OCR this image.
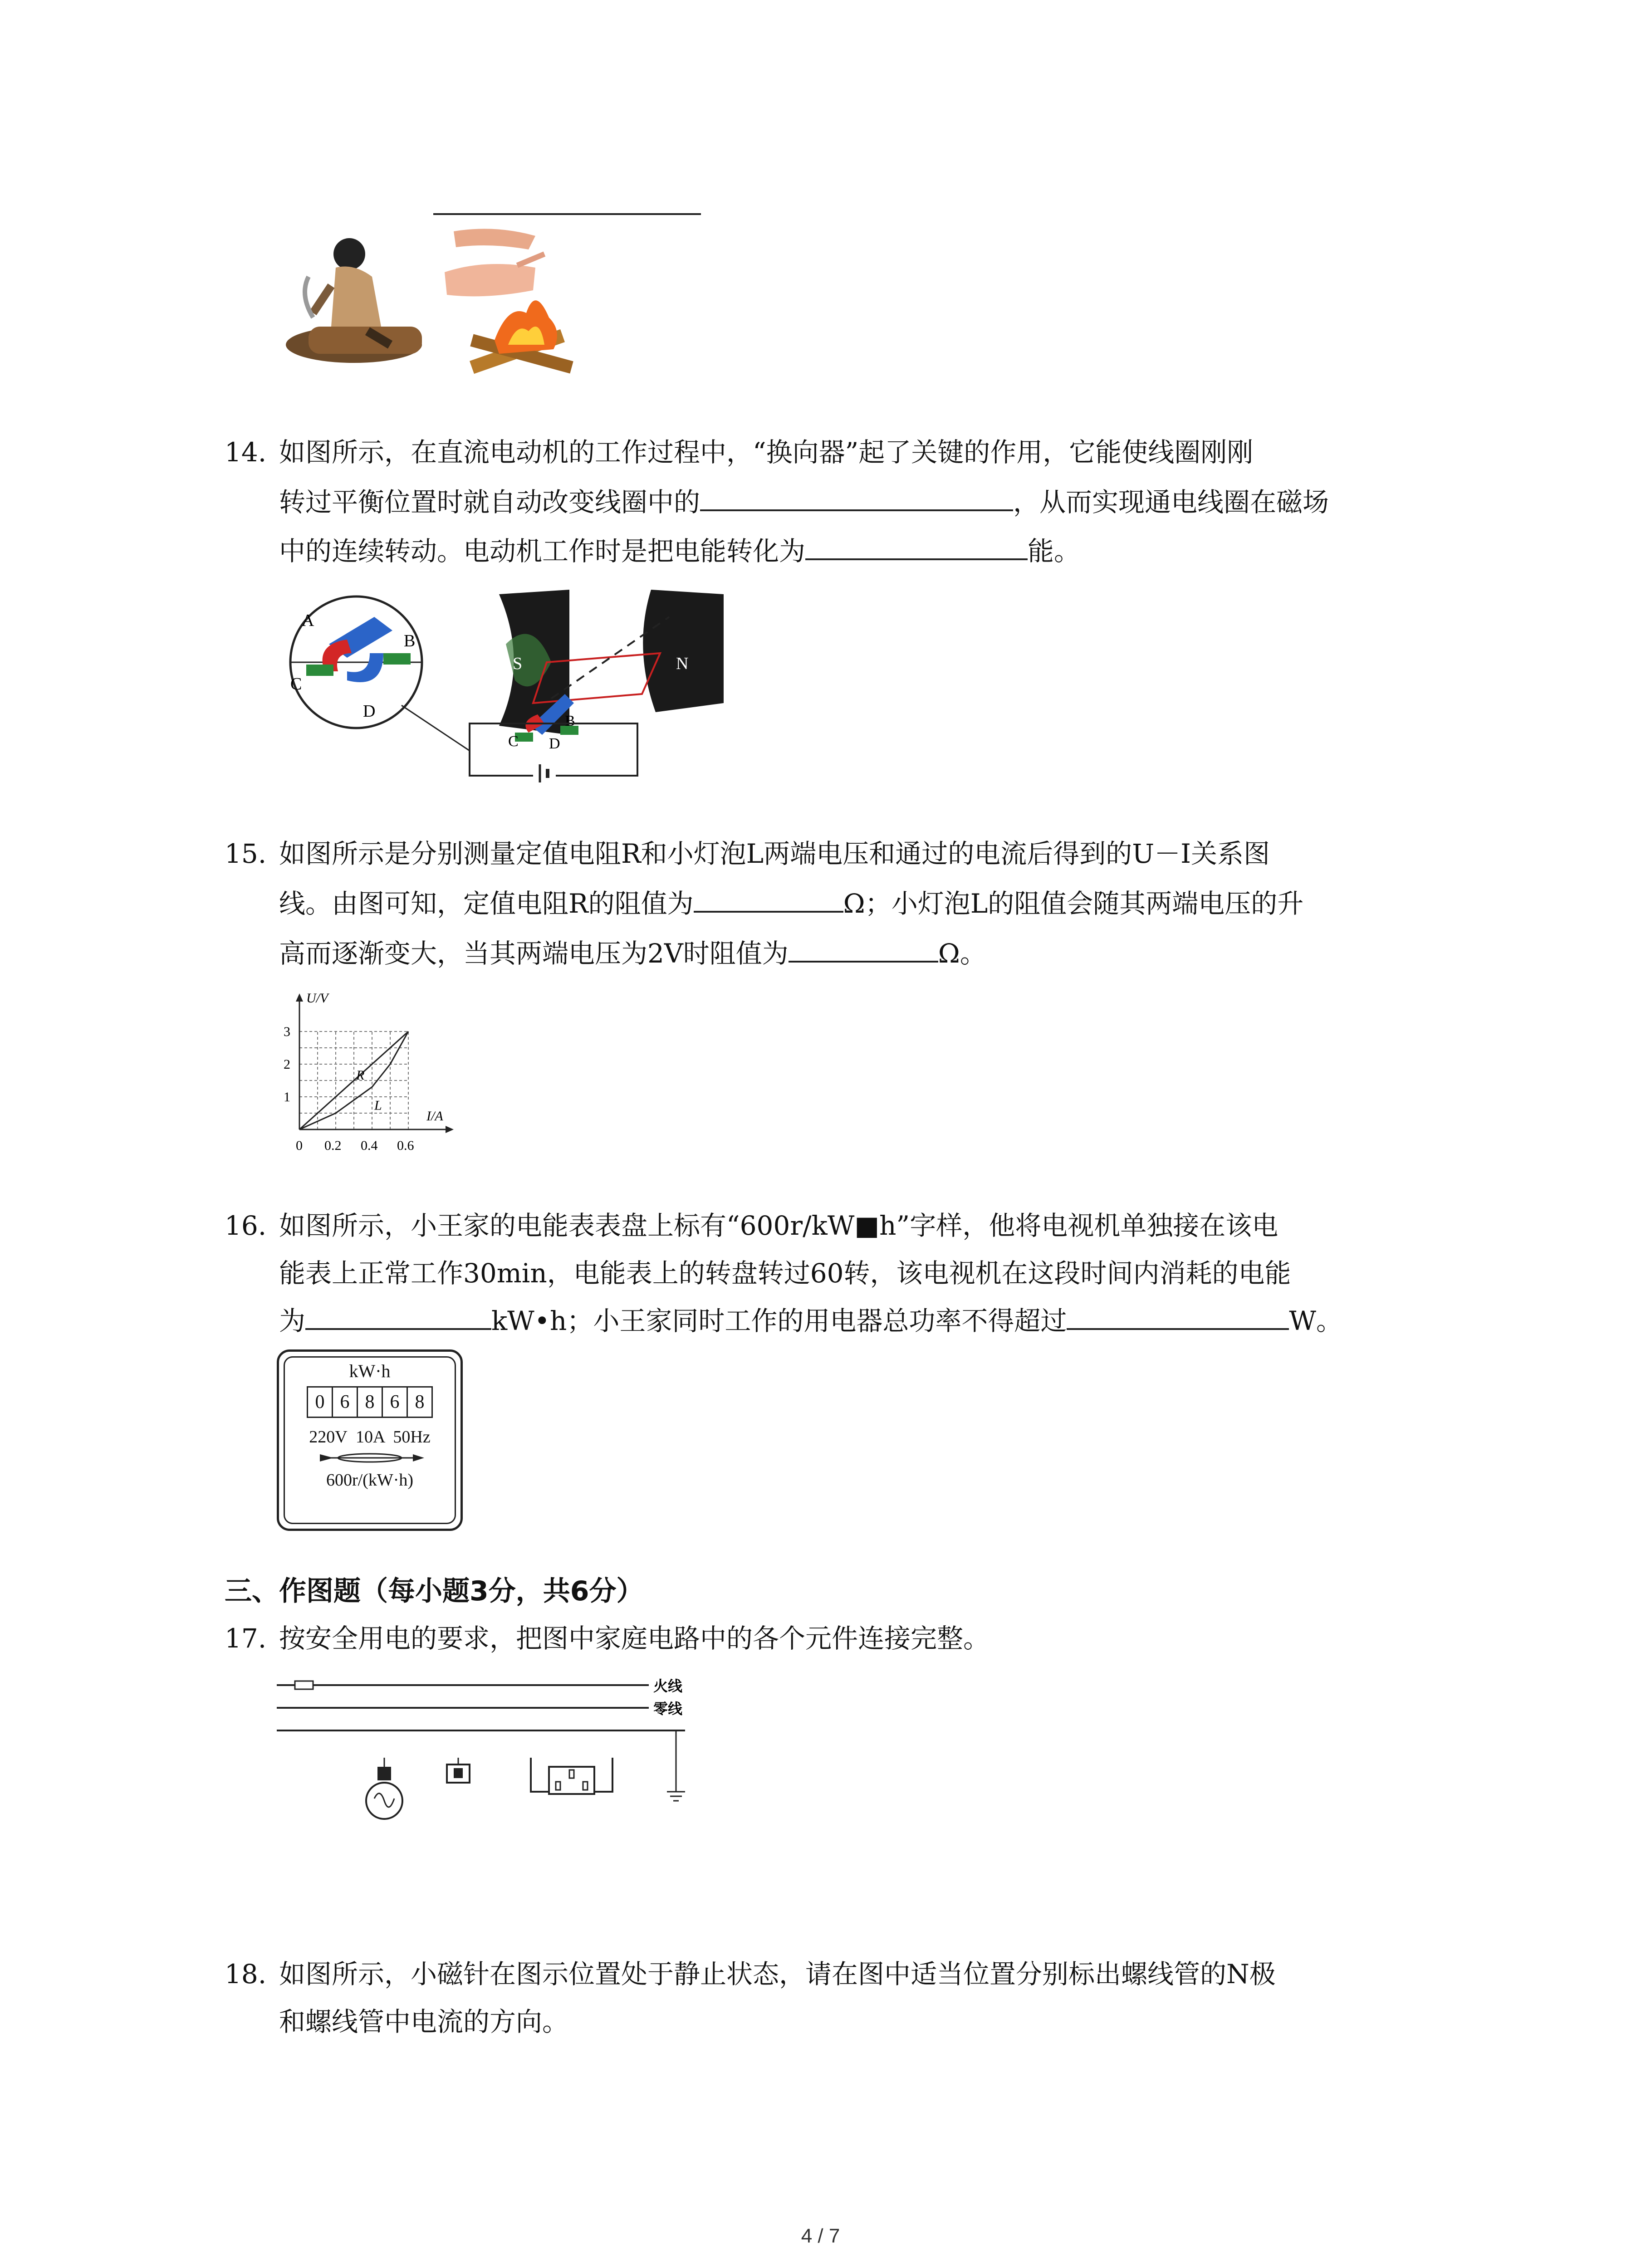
14. 如图所示，在直流电动机的工作过程中，“换向器”起了关键的作用，它能使线圈刚刚
转过平衡位置时就自动改变线圈中的	，从而实现通电线圈在磁场
中的连续转动。电动机工作时是把电能转化为	能。
A
B
C
D
S	N
B
C D
15. 如图所示是分别测量定值电阻R和小灯泡L两端电压和通过的电流后得到的U－I关系图
线。由图可知，定值电阻R的阻值为	Ω；小灯泡L的阻值会随其两端电压的升
高而逐渐变大，当其两端电压为2V时阻值为	Ω。
R
L
0 0.2 0.4 0.6
1
2
3
I/A
U/V
16. 如图所示，小王家的电能表表盘上标有“600r/kW■h”字样，他将电视机单独接在该电
能表上正常工作30min，电能表上的转盘转过60转，该电视机在这段时间内消耗的电能
为	kW•h；小王家同时工作的用电器总功率不得超过	W。
kW·h
0 6 8 6 8
220V  10A  50Hz
600r/(kW·h)
三、作图题（每小题3分，共6分）
17. 按安全用电的要求，把图中家庭电路中的各个元件连接完整。
火线
零线
18. 如图所示，小磁针在图示位置处于静止状态，请在图中适当位置分别标出螺线管的N极
和螺线管中电流的方向。
4 / 7
